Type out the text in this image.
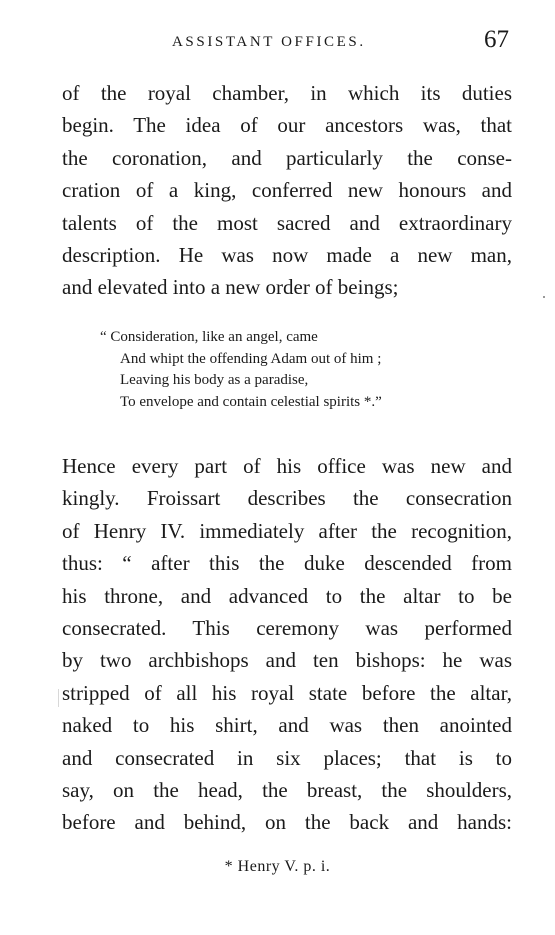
ASSISTANT OFFICES.	67
of the royal chamber, in which its duties
begin. The idea of our ancestors was, that
the coronation, and particularly the conse-
cration of a king, conferred new honours and
talents of the most sacred and extraordinary
description. He was now made a new man,
and elevated into a new order of beings;
“ Consideration, like an angel, came
And whipt the offending Adam out of him ;
Leaving his body as a paradise,
To envelope and contain celestial spirits *.”
Hence every part of his office was new and
kingly. Froissart describes the consecration
of Henry IV. immediately after the recognition,
thus: “ after this the duke descended from
his throne, and advanced to the altar to be
consecrated. This ceremony was performed
by two archbishops and ten bishops: he was
stripped of all his royal state before the altar,
naked to his shirt, and was then anointed
and consecrated in six places; that is to
say, on the head, the breast, the shoulders,
before and behind, on the back and hands:
* Henry V. p. i.
